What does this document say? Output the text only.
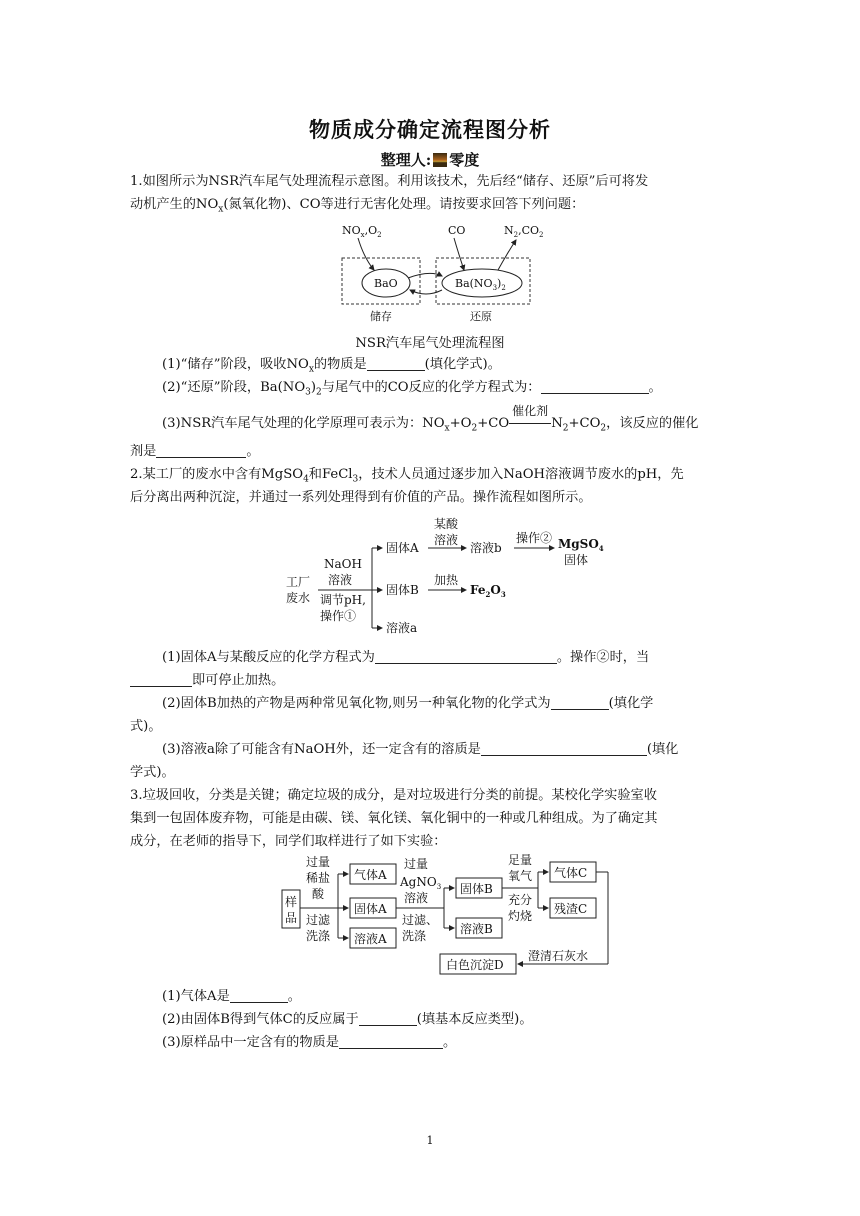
物质成分确定流程图分析
整理人: 零度
1.如图所示为NSR汽车尾气处理流程示意图。利用该技术，先后经“储存、还原”后可将发
动机产生的$NO_x$(氮氧化物)、CO等进行无害化处理。请按要求回答下列问题：
$NO_x,O_2$	CO	$N_2,CO_2$
BaO	$Ba(NO_3)_2$
储存	还原
NSR汽车尾气处理流程图
(1)“储存”阶段，吸收$NO_x$的物质是	(填化学式)。
(2)“还原”阶段，$Ba(NO_3)_2$与尾气中的CO反应的化学方程式为：	。
(3)NSR汽车尾气处理的化学原理可表示为：$NO_x+O_2+CO$
催化剂
$N_2+CO_2$，该反应的催化
剂是	。
2.某工厂的废水中含有MgSO$_4$和FeCl$_3$，技术人员通过逐步加入NaOH溶液调节废水的pH，先
后分离出两种沉淀，并通过一系列处理得到有价值的产品。操作流程如图所示。
工厂废水
NaOH 溶液调节pH,操作①
固体A
某酸溶液
溶液b
操作② MgSO$_4$
固体
固体B
加热
$Fe_2O_3$
溶液a
(1)固体A与某酸反应的化学方程式为	。操作②时，当
即可停止加热。
(2)固体B加热的产物是两种常见氧化物,则另一种氧化物的化学式为	(填化学
式)。
(3)溶液a除了可能含有NaOH外，还一定含有的溶质是	(填化
学式)。
3.垃圾回收，分类是关键；确定垃圾的成分，是对垃圾进行分类的前提。某校化学实验室收
集到一包固体废弃物，可能是由碳、镁、氧化镁、氧化铜中的一种或几种组成。为了确定其
成分，在老师的指导下，同学们取样进行了如下实验：
样品
过量稀盐酸
过滤洗涤
气体A
固体A
溶液A
过量 AgNO$_3$ 溶液
过滤、洗涤
固体B
溶液B
足量氧气
充分灼烧
气体C
残渣C
澄清石灰水
白色沉淀D
(1)气体A是	。
(2)由固体B得到气体C的反应属于	(填基本反应类型)。
(3)原样品中一定含有的物质是	。
1
